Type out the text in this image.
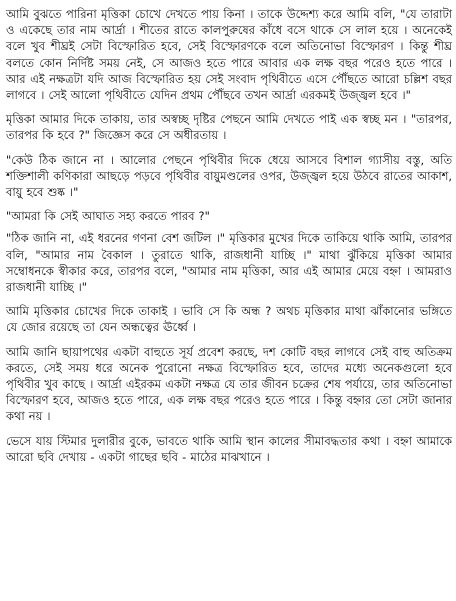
আমি বুঝতে পারিনা মৃত্তিকা চোখে দেখতে পায় কিনা । তাকে উদ্দেশ্য করে আমি বলি, "যে তারাটা ও একেছে তার নাম আর্দ্রা । শীতের রাতে কালপুরুষের কাঁধে বসে থাকে সে লাল হয়ে । অনেকেই বলে খুব শীঘ্রই সেটা বিস্ফোরিত হবে, সেই বিস্ফোরণকে বলে অতিনোভা বিস্ফোরণ । কিন্তু শীঘ্র বলতে কোন নির্দিষ্ট সময় নেই, সে আজও হতে পারে আবার এক লক্ষ বছর পরেও হতে পারে । আর এই নক্ষত্রটা যদি আজ বিস্ফোরিত হয় সেই সংবাদ পৃথিবীতে এসে পৌঁছতে আরো চল্লিশ বছর লাগবে । সেই আলো পৃথিবীতে যেদিন প্রথম পৌঁছবে তখন আর্দ্রা এরকমই উজ্জ্বল হবে ।"

মৃত্তিকা আমার দিকে তাকায়, তার অস্বচ্ছ দৃষ্টির পেছনে আমি দেখতে পাই এক স্বচ্ছ মন । "তারপর, তারপর কি হবে ?" জিজ্ঞেস করে সে অধীরতায় ।

"কেউ ঠিক জানে না । আলোর পেছনে পৃথিবীর দিকে ধেয়ে আসবে বিশাল গ্যাসীয় বস্তু, অতি শক্তিশালী কণিকারা আছড়ে পড়বে পৃথিবীর বায়ুমণ্ডলের ওপর, উজ্জ্বল হয়ে উঠবে রাতের আকাশ, বায়ু হবে শুষ্ক ।"

"আমরা কি সেই আঘাত সহ্য করতে পারব ?"

"ঠিক জানি না, এই ধরনের গণনা বেশ জটিল ।" মৃত্তিকার মুখের দিকে তাকিয়ে থাকি আমি, তারপর বলি, "আমার নাম বৈকাল । তুরাতে থাকি, রাজধানী যাচ্ছি ।" মাথা ঝুঁকিয়ে মৃত্তিকা আমার সম্বোধনকে স্বীকার করে, তারপর বলে, "আমার নাম মৃত্তিকা, আর এই আমার মেয়ে বহ্না । আমরাও রাজধানী যাচ্ছি ।"

আমি মৃত্তিকার চোখের দিকে তাকাই । ভাবি সে কি অন্ধ ? অথচ মৃত্তিকার মাথা ঝাঁকানোর ভঙ্গিতে যে জোর রয়েছে তা যেন অন্ধত্বের ঊর্ধ্বে ।

আমি জানি ছায়াপথের একটা বাহুতে সূর্য প্রবেশ করছে, দশ কোটি বছর লাগবে সেই বাহু অতিক্রম করতে, সেই সময় ধরে অনেক পুরোনো নক্ষত্র বিস্ফোরিত হবে, তাদের মধ্যে অনেকগুলো হবে পৃথিবীর খুব কাছে । আর্দ্রা এইরকম একটা নক্ষত্র যে তার জীবন চক্রের শেষ পর্যায়ে, তার অতিনোভা বিস্ফোরণ হবে, আজও হতে পারে, এক লক্ষ বছর পরেও হতে পারে । কিন্তু বহ্নার তো সেটা জানার কথা নয় ।

ভেসে যায় স্টিমার দুলারীর বুকে, ভাবতে থাকি আমি স্থান কালের সীমাবদ্ধতার কথা । বহ্না আমাকে আরো ছবি দেখায় - একটা গাছের ছবি - মাঠের মাঝখানে ।
